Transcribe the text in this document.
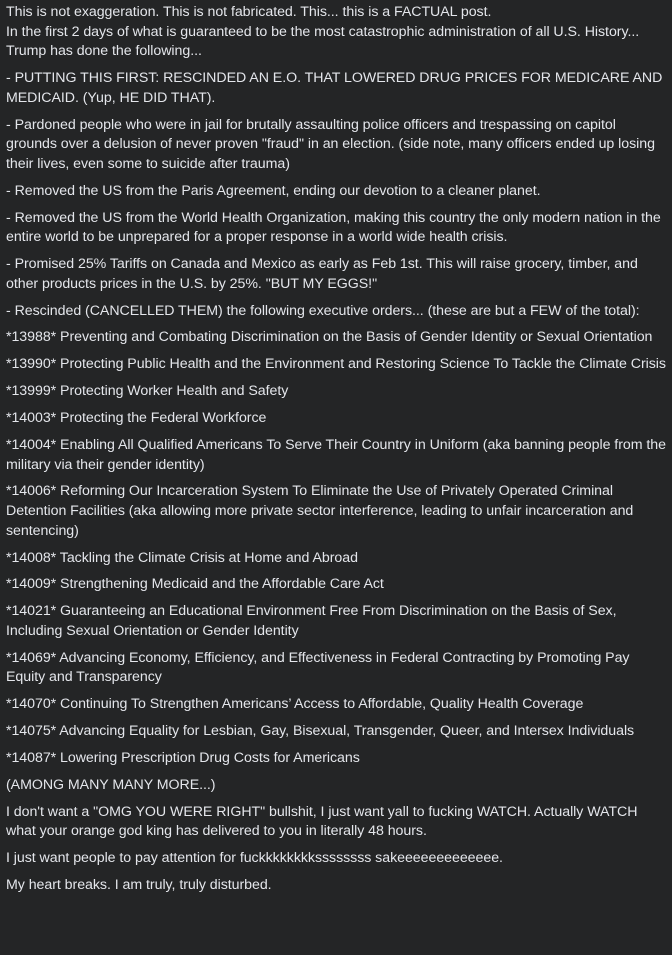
This is not exaggeration. This is not fabricated. This... this is a FACTUAL post.
In the first 2 days of what is guaranteed to be the most catastrophic administration of all U.S. History... Trump has done the following...

- PUTTING THIS FIRST: RESCINDED AN E.O. THAT LOWERED DRUG PRICES FOR MEDICARE AND MEDICAID. (Yup, HE DID THAT).

- Pardoned people who were in jail for brutally assaulting police officers and trespassing on capitol grounds over a delusion of never proven "fraud" in an election. (side note, many officers ended up losing their lives, even some to suicide after trauma)

- Removed the US from the Paris Agreement, ending our devotion to a cleaner planet.

- Removed the US from the World Health Organization, making this country the only modern nation in the entire world to be unprepared for a proper response in a world wide health crisis.

- Promised 25% Tariffs on Canada and Mexico as early as Feb 1st. This will raise grocery, timber, and other products prices in the U.S. by 25%. "BUT MY EGGS!"

- Rescinded (CANCELLED THEM) the following executive orders... (these are but a FEW of the total):

*13988* Preventing and Combating Discrimination on the Basis of Gender Identity or Sexual Orientation

*13990* Protecting Public Health and the Environment and Restoring Science To Tackle the Climate Crisis

*13999* Protecting Worker Health and Safety

*14003* Protecting the Federal Workforce

*14004* Enabling All Qualified Americans To Serve Their Country in Uniform (aka banning people from the military via their gender identity)

*14006* Reforming Our Incarceration System To Eliminate the Use of Privately Operated Criminal Detention Facilities (aka allowing more private sector interference, leading to unfair incarceration and sentencing)

*14008* Tackling the Climate Crisis at Home and Abroad

*14009* Strengthening Medicaid and the Affordable Care Act

*14021* Guaranteeing an Educational Environment Free From Discrimination on the Basis of Sex, Including Sexual Orientation or Gender Identity

*14069* Advancing Economy, Efficiency, and Effectiveness in Federal Contracting by Promoting Pay Equity and Transparency

*14070* Continuing To Strengthen Americans’ Access to Affordable, Quality Health Coverage

*14075* Advancing Equality for Lesbian, Gay, Bisexual, Transgender, Queer, and Intersex Individuals

*14087* Lowering Prescription Drug Costs for Americans

(AMONG MANY MANY MORE...)

I don't want a "OMG YOU WERE RIGHT" bullshit, I just want yall to fucking WATCH. Actually WATCH what your orange god king has delivered to you in literally 48 hours.

I just want people to pay attention for fuckkkkkkkkssssssss sakeeeeeeeeeeeee.

My heart breaks. I am truly, truly disturbed.
